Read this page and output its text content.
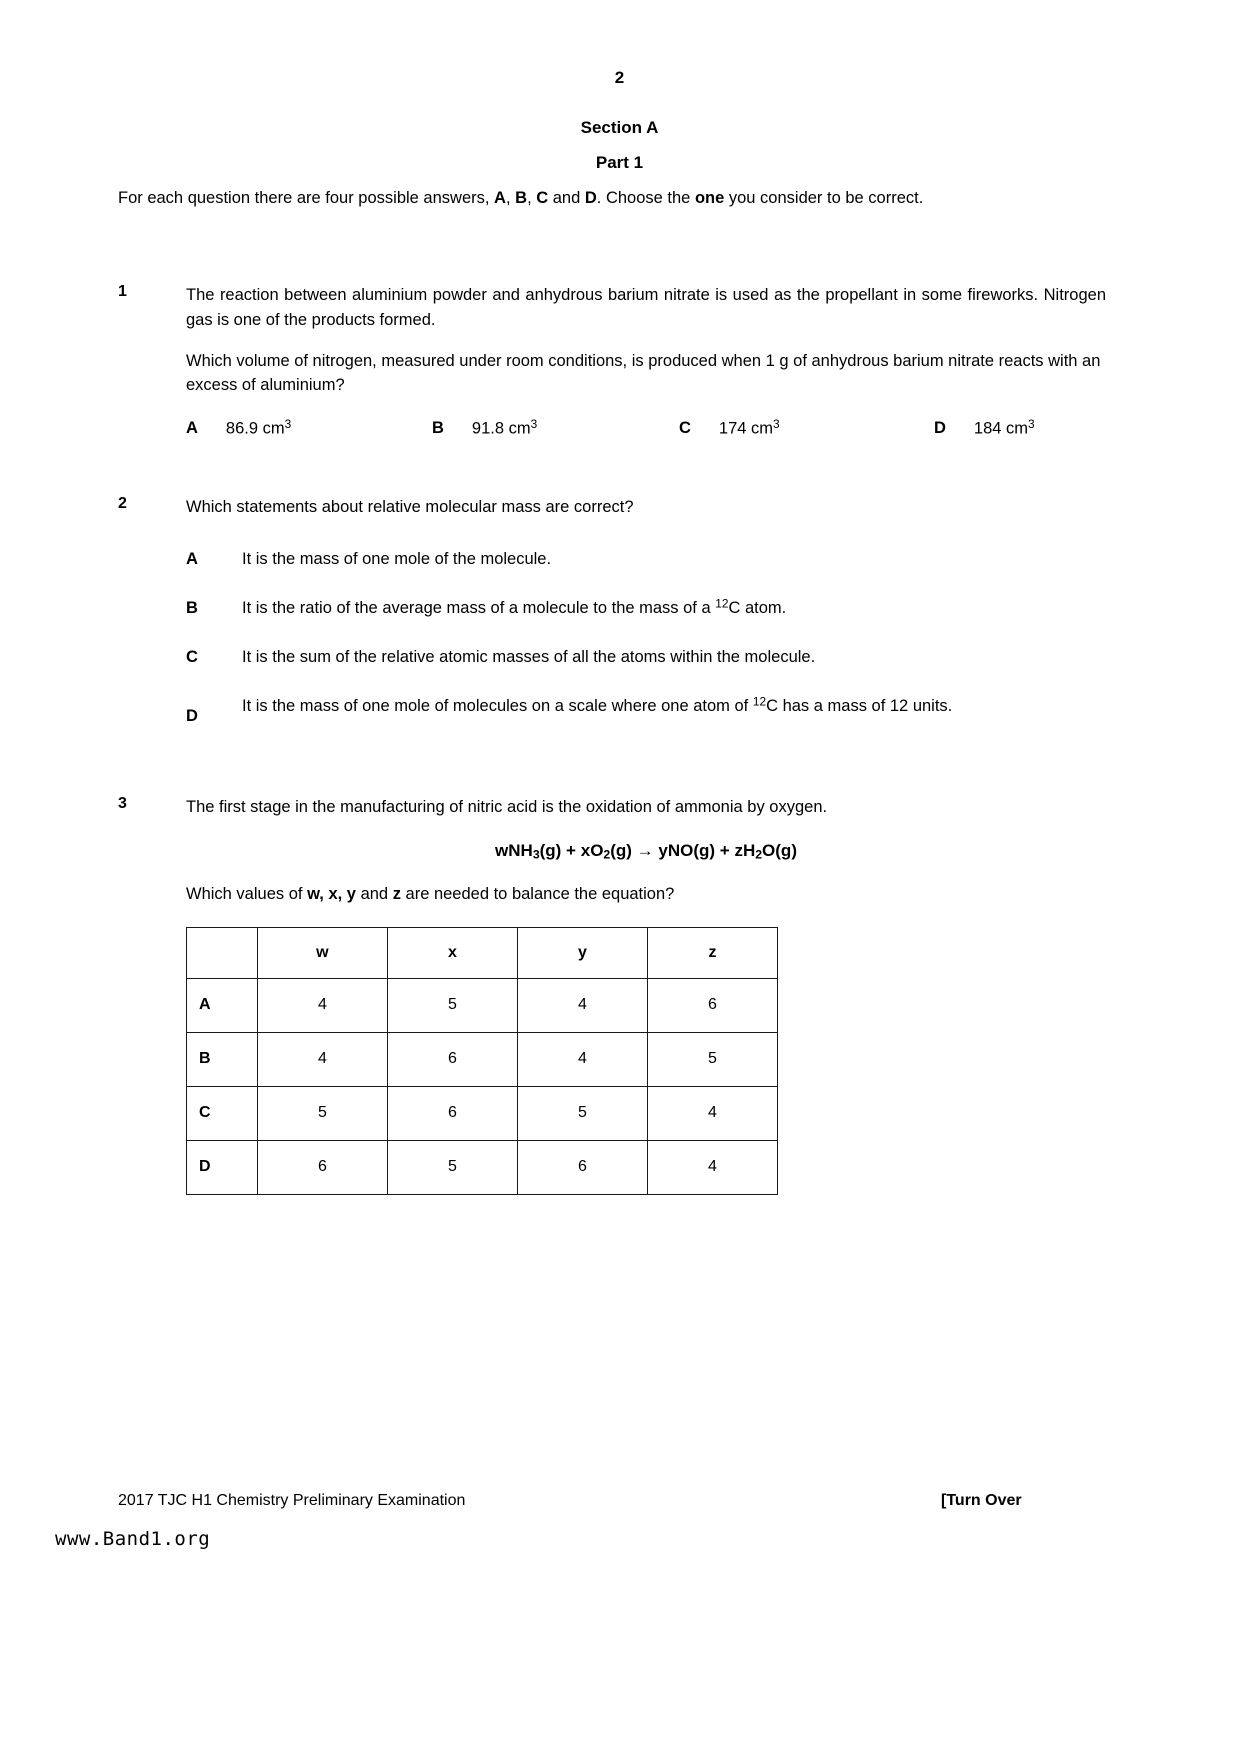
2
Section A
Part 1
For each question there are four possible answers, A, B, C and D. Choose the one you consider to be correct.
1	The reaction between aluminium powder and anhydrous barium nitrate is used as the propellant in some fireworks. Nitrogen gas is one of the products formed.
Which volume of nitrogen, measured under room conditions, is produced when 1 g of anhydrous barium nitrate reacts with an excess of aluminium?
A 86.9 $cm^3$	B 91.8 $cm^3$	C 174 $cm^3$	D 184 $cm^3$
2	Which statements about relative molecular mass are correct?
A	It is the mass of one mole of the molecule.
B	It is the ratio of the average mass of a molecule to the mass of a $^{12}$C atom.
C	It is the sum of the relative atomic masses of all the atoms within the molecule.
D
It is the mass of one mole of molecules on a scale where one atom of $^{12}$C has a mass of 12 units.
3	The first stage in the manufacturing of nitric acid is the oxidation of ammonia by oxygen.
$wNH_3(g) + xO_2(g) \to yNO(g) + zH_2O(g)$
Which values of w, x, y and z are needed to balance the equation?
	w	x	y	z
A	4	5	4	6
B	4	6	4	5
C	5	6	5	4
D	6	5	6	4
2017 TJC H1 Chemistry Preliminary Examination	[Turn Over
www.Band1.org
